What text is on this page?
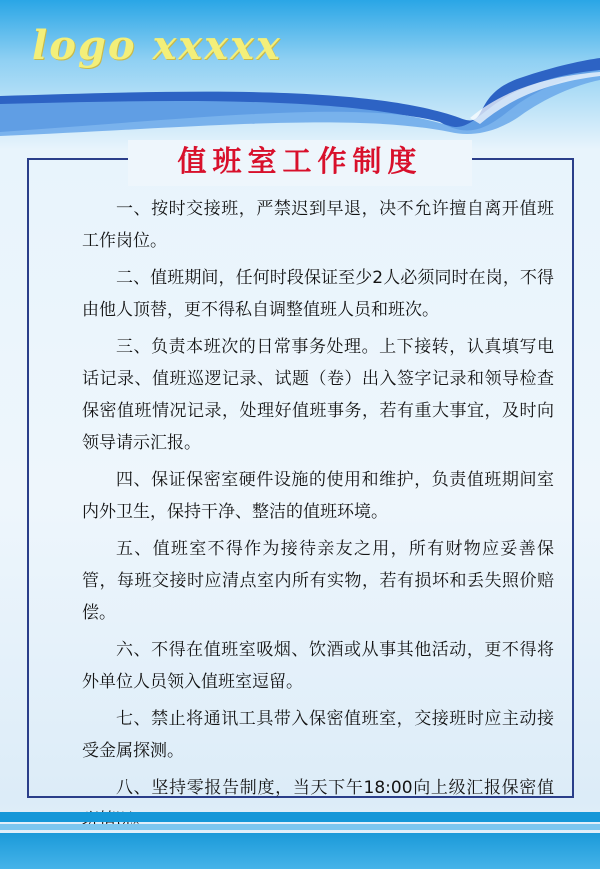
logo xxxxx
值班室工作制度

一、按时交接班，严禁迟到早退，决不允许擅自离开值班工作岗位。

二、值班期间，任何时段保证至少2人必须同时在岗，不得由他人顶替，更不得私自调整值班人员和班次。

三、负责本班次的日常事务处理。上下接转，认真填写电话记录、值班巡逻记录、试题（卷）出入签字记录和领导检查保密值班情况记录，处理好值班事务，若有重大事宜，及时向领导请示汇报。

四、保证保密室硬件设施的使用和维护，负责值班期间室内外卫生，保持干净、整洁的值班环境。

五、值班室不得作为接待亲友之用，所有财物应妥善保管，每班交接时应清点室内所有实物，若有损坏和丢失照价赔偿。

六、不得在值班室吸烟、饮酒或从事其他活动，更不得将外单位人员领入值班室逗留。

七、禁止将通讯工具带入保密值班室，交接班时应主动接受金属探测。

八、坚持零报告制度，当天下午18:00向上级汇报保密值
